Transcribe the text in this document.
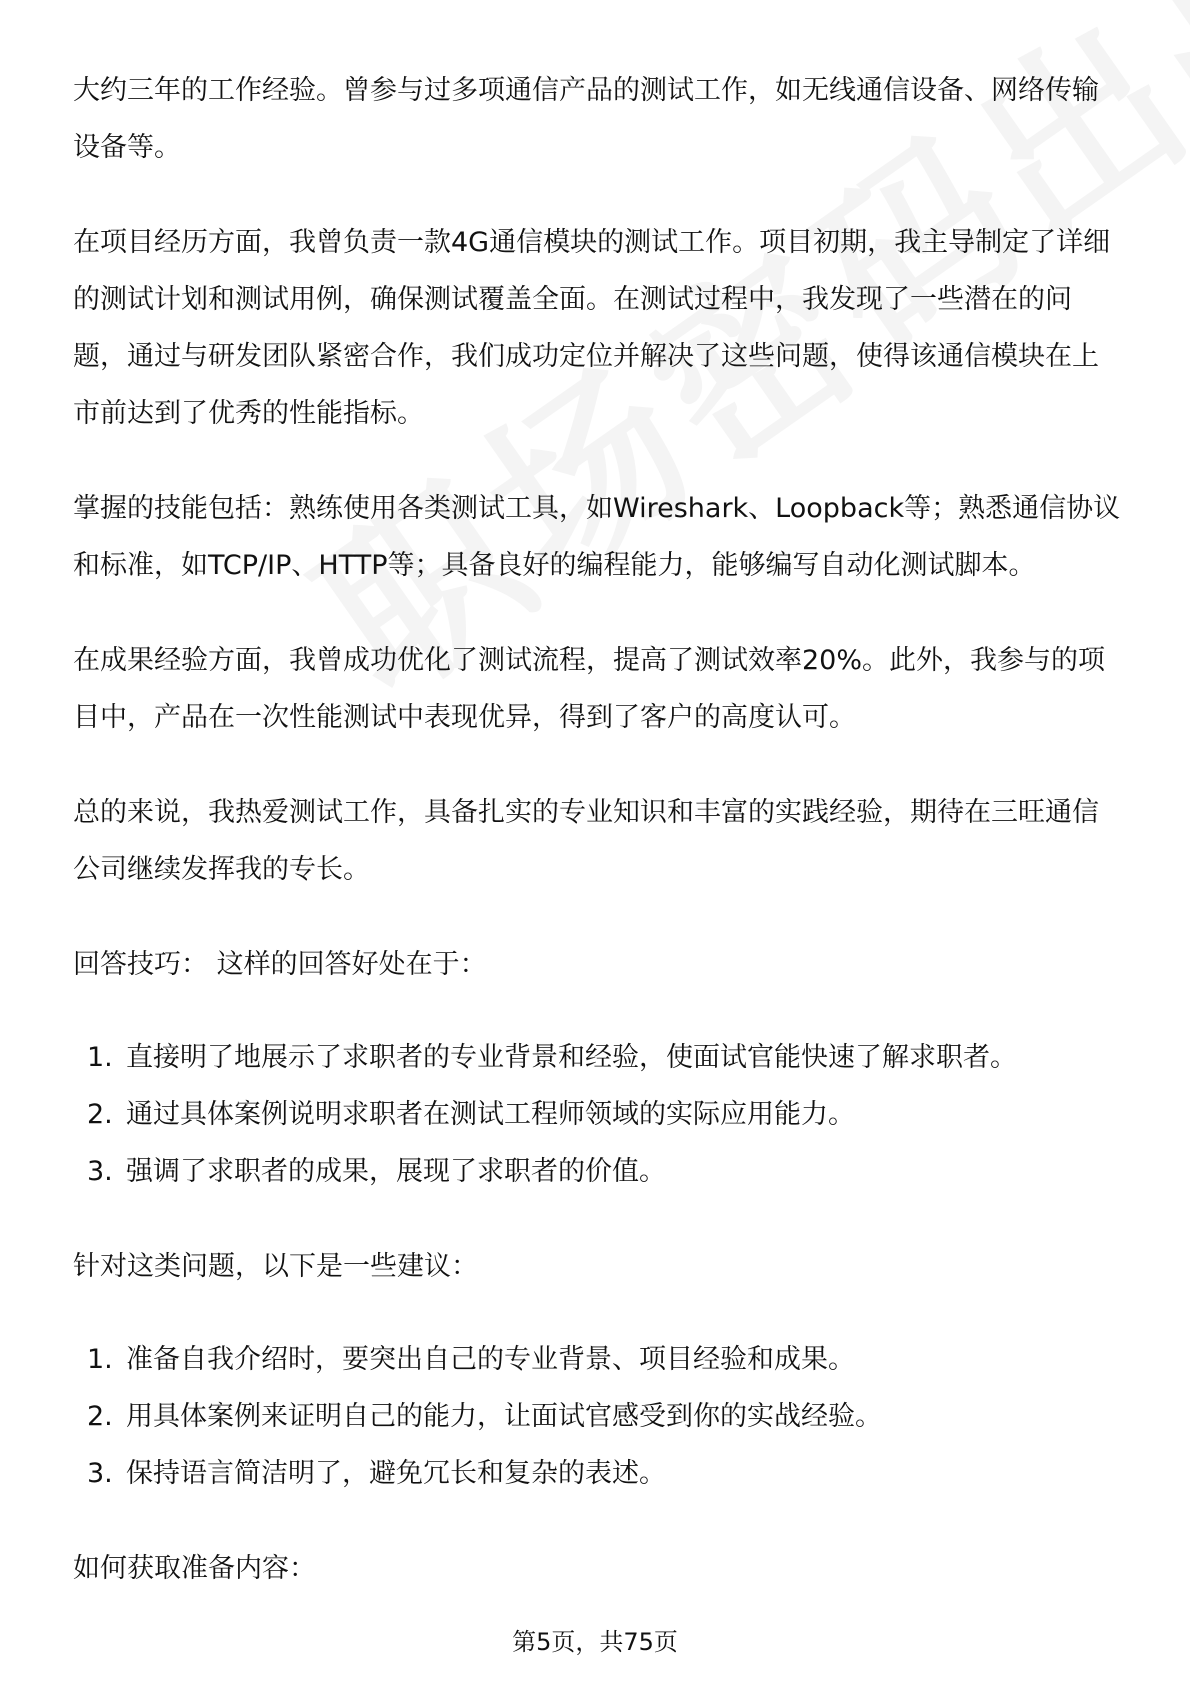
大约三年的工作经验。曾参与过多项通信产品的测试工作，如无线通信设备、网络传输设备等。

在项目经历方面，我曾负责一款4G通信模块的测试工作。项目初期，我主导制定了详细的测试计划和测试用例，确保测试覆盖全面。在测试过程中，我发现了一些潜在的问题，通过与研发团队紧密合作，我们成功定位并解决了这些问题，使得该通信模块在上市前达到了优秀的性能指标。

掌握的技能包括：熟练使用各类测试工具，如Wireshark、Loopback等；熟悉通信协议和标准，如TCP/IP、HTTP等；具备良好的编程能力，能够编写自动化测试脚本。

在成果经验方面，我曾成功优化了测试流程，提高了测试效率20%。此外，我参与的项目中，产品在一次性能测试中表现优异，得到了客户的高度认可。

总的来说，我热爱测试工作，具备扎实的专业知识和丰富的实践经验，期待在三旺通信公司继续发挥我的专长。

回答技巧： 这样的回答好处在于：

1. 直接明了地展示了求职者的专业背景和经验，使面试官能快速了解求职者。
2. 通过具体案例说明求职者在测试工程师领域的实际应用能力。
3. 强调了求职者的成果，展现了求职者的价值。

针对这类问题，以下是一些建议：

1. 准备自我介绍时，要突出自己的专业背景、项目经验和成果。
2. 用具体案例来证明自己的能力，让面试官感受到你的实战经验。
3. 保持语言简洁明了，避免冗长和复杂的表述。

如何获取准备内容：

第5页，共75页
